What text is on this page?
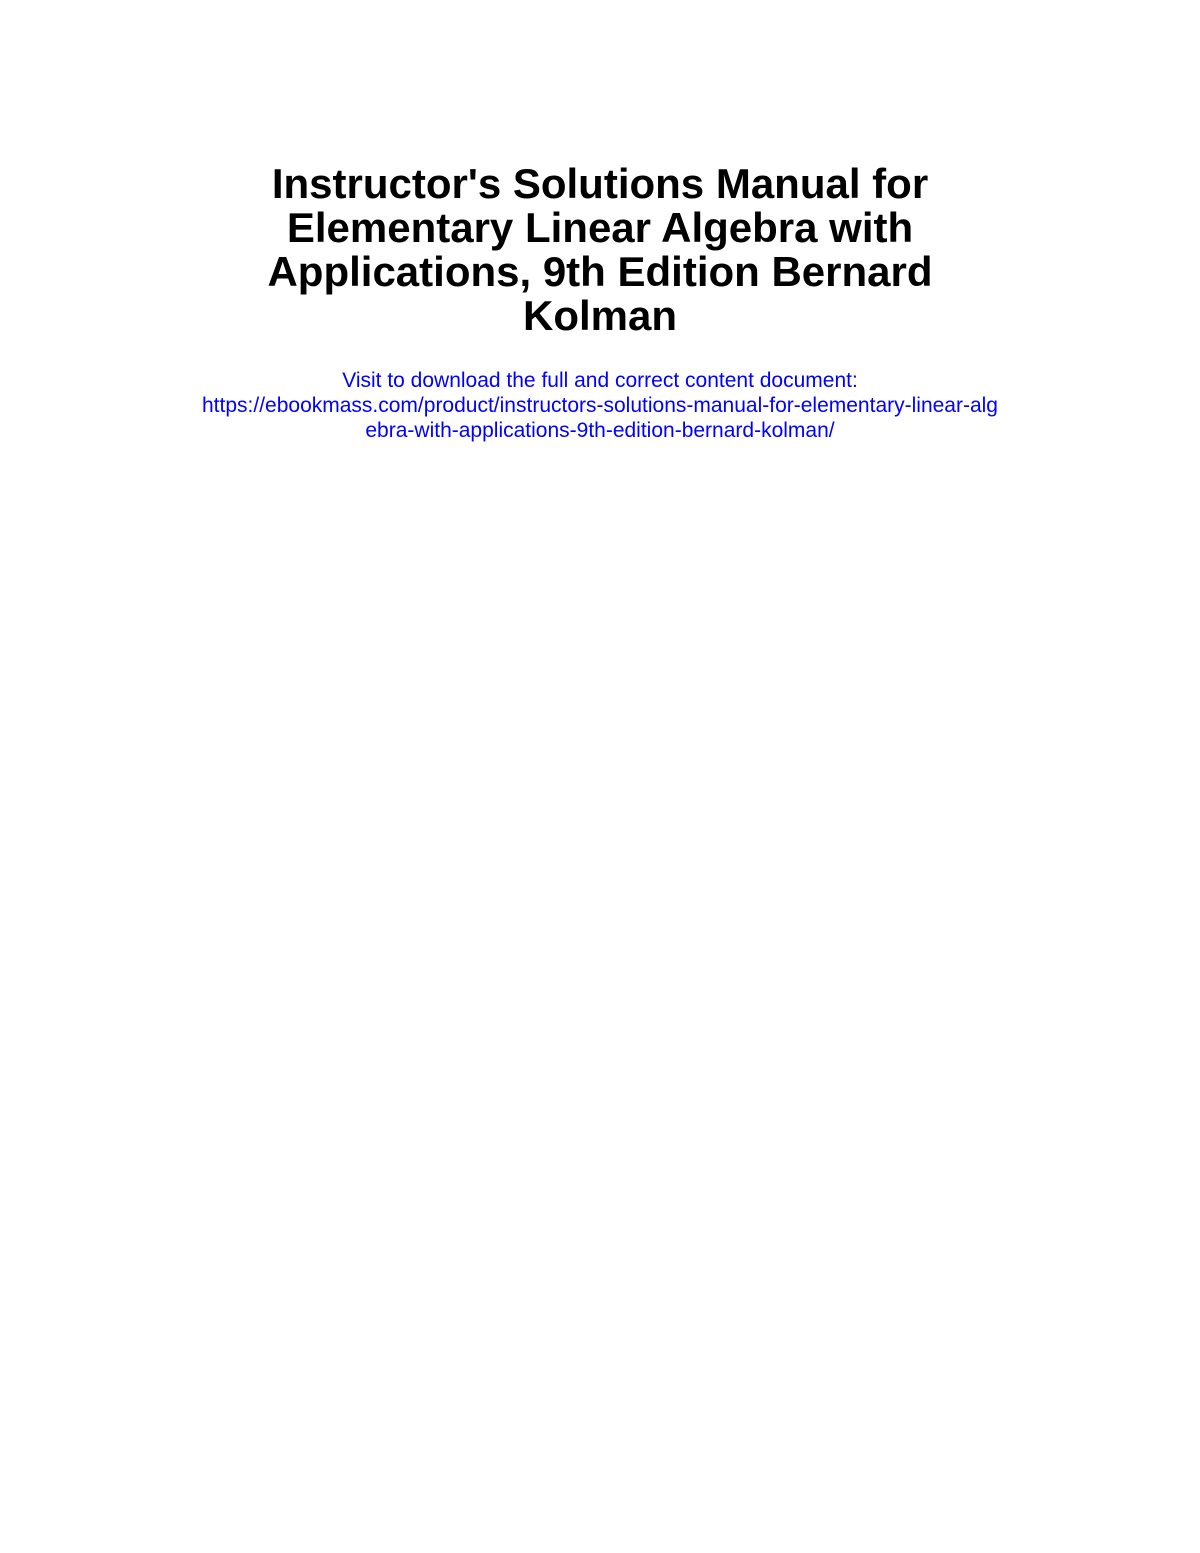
Instructor's Solutions Manual for
Elementary Linear Algebra with
Applications, 9th Edition Bernard
Kolman
Visit to download the full and correct content document:
https://ebookmass.com/product/instructors-solutions-manual-for-elementary-linear-alg
ebra-with-applications-9th-edition-bernard-kolman/
